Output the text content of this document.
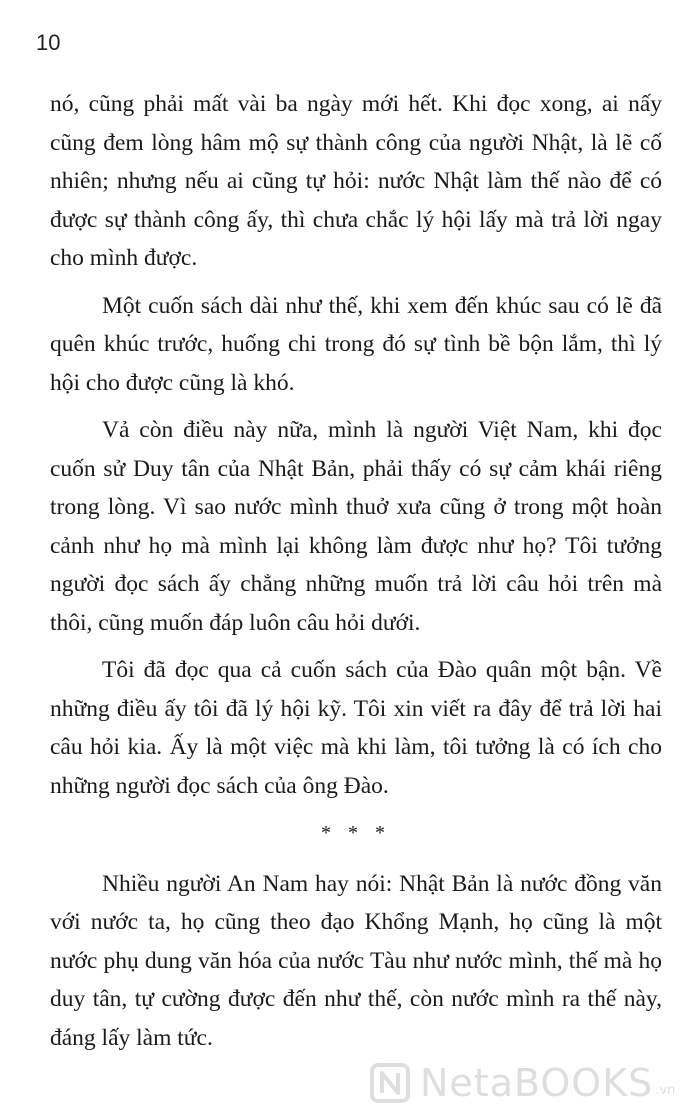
10

nó, cũng phải mất vài ba ngày mới hết. Khi đọc xong, ai nấy cũng đem lòng hâm mộ sự thành công của người Nhật, là lẽ cố nhiên; nhưng nếu ai cũng tự hỏi: nước Nhật làm thế nào để có được sự thành công ấy, thì chưa chắc lý hội lấy mà trả lời ngay cho mình được.

Một cuốn sách dài như thế, khi xem đến khúc sau có lẽ đã quên khúc trước, huống chi trong đó sự tình bề bộn lắm, thì lý hội cho được cũng là khó.

Vả còn điều này nữa, mình là người Việt Nam, khi đọc cuốn sử Duy tân của Nhật Bản, phải thấy có sự cảm khái riêng trong lòng. Vì sao nước mình thuở xưa cũng ở trong một hoàn cảnh như họ mà mình lại không làm được như họ? Tôi tưởng người đọc sách ấy chẳng những muốn trả lời câu hỏi trên mà thôi, cũng muốn đáp luôn câu hỏi dưới.

Tôi đã đọc qua cả cuốn sách của Đào quân một bận. Về những điều ấy tôi đã lý hội kỹ. Tôi xin viết ra đây để trả lời hai câu hỏi kia. Ấy là một việc mà khi làm, tôi tưởng là có ích cho những người đọc sách của ông Đào.

* * *

Nhiều người An Nam hay nói: Nhật Bản là nước đồng văn với nước ta, họ cũng theo đạo Khổng Mạnh, họ cũng là một nước phụ dung văn hóa của nước Tàu như nước mình, thế mà họ duy tân, tự cường được đến như thế, còn nước mình ra thế này, đáng lấy làm tức.

NetaBOOKS .vn
